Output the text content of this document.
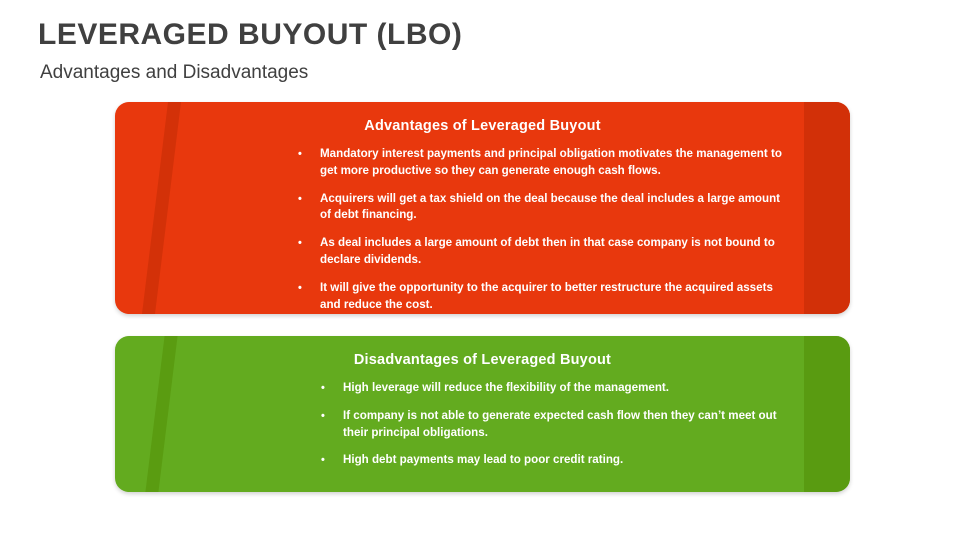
LEVERAGED BUYOUT (LBO)
Advantages and Disadvantages
Advantages of Leveraged Buyout
• Mandatory interest payments and principal obligation motivates the management to get more productive so they can generate enough cash flows.
• Acquirers will get a tax shield on the deal because the deal includes a large amount of debt financing.
• As deal includes a large amount of debt then in that case company is not bound to declare dividends.
• It will give the opportunity to the acquirer to better restructure the acquired assets and reduce the cost.
Disadvantages of Leveraged Buyout
• High leverage will reduce the flexibility of the management.
• If company is not able to generate expected cash flow then they can’t meet out their principal obligations.
• High debt payments may lead to poor credit rating.
